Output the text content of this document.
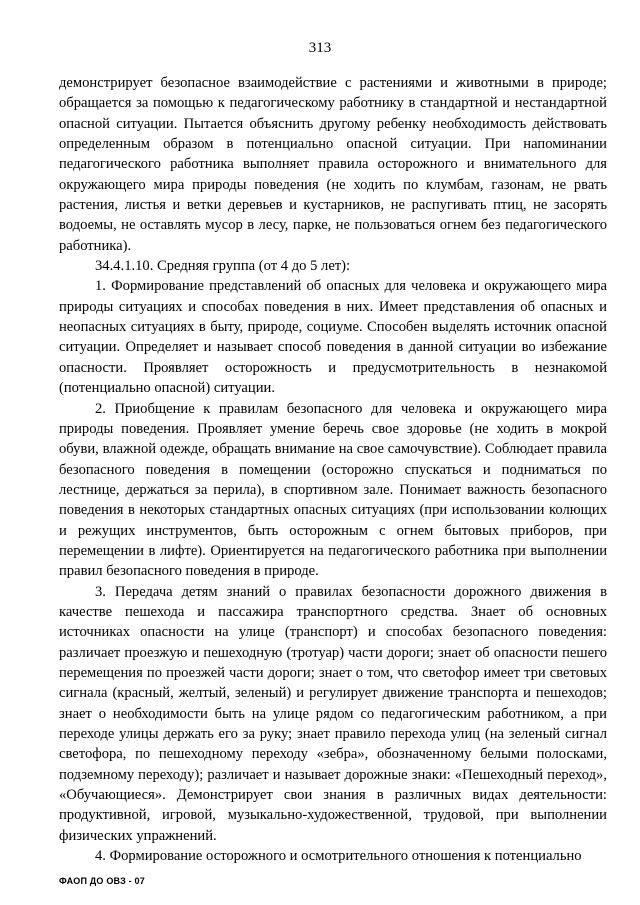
313

демонстрирует безопасное взаимодействие с растениями и животными в природе; обращается за помощью к педагогическому работнику в стандартной и нестандартной опасной ситуации. Пытается объяснить другому ребенку необходимость действовать определенным образом в потенциально опасной ситуации. При напоминании педагогического работника выполняет правила осторожного и внимательного для окружающего мира природы поведения (не ходить по клумбам, газонам, не рвать растения, листья и ветки деревьев и кустарников, не распугивать птиц, не засорять водоемы, не оставлять мусор в лесу, парке, не пользоваться огнем без педагогического работника).

34.4.1.10. Средняя группа (от 4 до 5 лет):

1. Формирование представлений об опасных для человека и окружающего мира природы ситуациях и способах поведения в них. Имеет представления об опасных и неопасных ситуациях в быту, природе, социуме. Способен выделять источник опасной ситуации. Определяет и называет способ поведения в данной ситуации во избежание опасности. Проявляет осторожность и предусмотрительность в незнакомой (потенциально опасной) ситуации.

2. Приобщение к правилам безопасного для человека и окружающего мира природы поведения. Проявляет умение беречь свое здоровье (не ходить в мокрой обуви, влажной одежде, обращать внимание на свое самочувствие). Соблюдает правила безопасного поведения в помещении (осторожно спускаться и подниматься по лестнице, держаться за перила), в спортивном зале. Понимает важность безопасного поведения в некоторых стандартных опасных ситуациях (при использовании колющих и режущих инструментов, быть осторожным с огнем бытовых приборов, при перемещении в лифте). Ориентируется на педагогического работника при выполнении правил безопасного поведения в природе.

3. Передача детям знаний о правилах безопасности дорожного движения в качестве пешехода и пассажира транспортного средства. Знает об основных источниках опасности на улице (транспорт) и способах безопасного поведения: различает проезжую и пешеходную (тротуар) части дороги; знает об опасности пешего перемещения по проезжей части дороги; знает о том, что светофор имеет три световых сигнала (красный, желтый, зеленый) и регулирует движение транспорта и пешеходов; знает о необходимости быть на улице рядом со педагогическим работником, а при переходе улицы держать его за руку; знает правило перехода улиц (на зеленый сигнал светофора, по пешеходному переходу «зебра», обозначенному белыми полосками, подземному переходу); различает и называет дорожные знаки: «Пешеходный переход», «Обучающиеся». Демонстрирует свои знания в различных видах деятельности: продуктивной, игровой, музыкально-художественной, трудовой, при выполнении физических упражнений.

4. Формирование осторожного и осмотрительного отношения к потенциально

ФАОП ДО ОВЗ - 07
